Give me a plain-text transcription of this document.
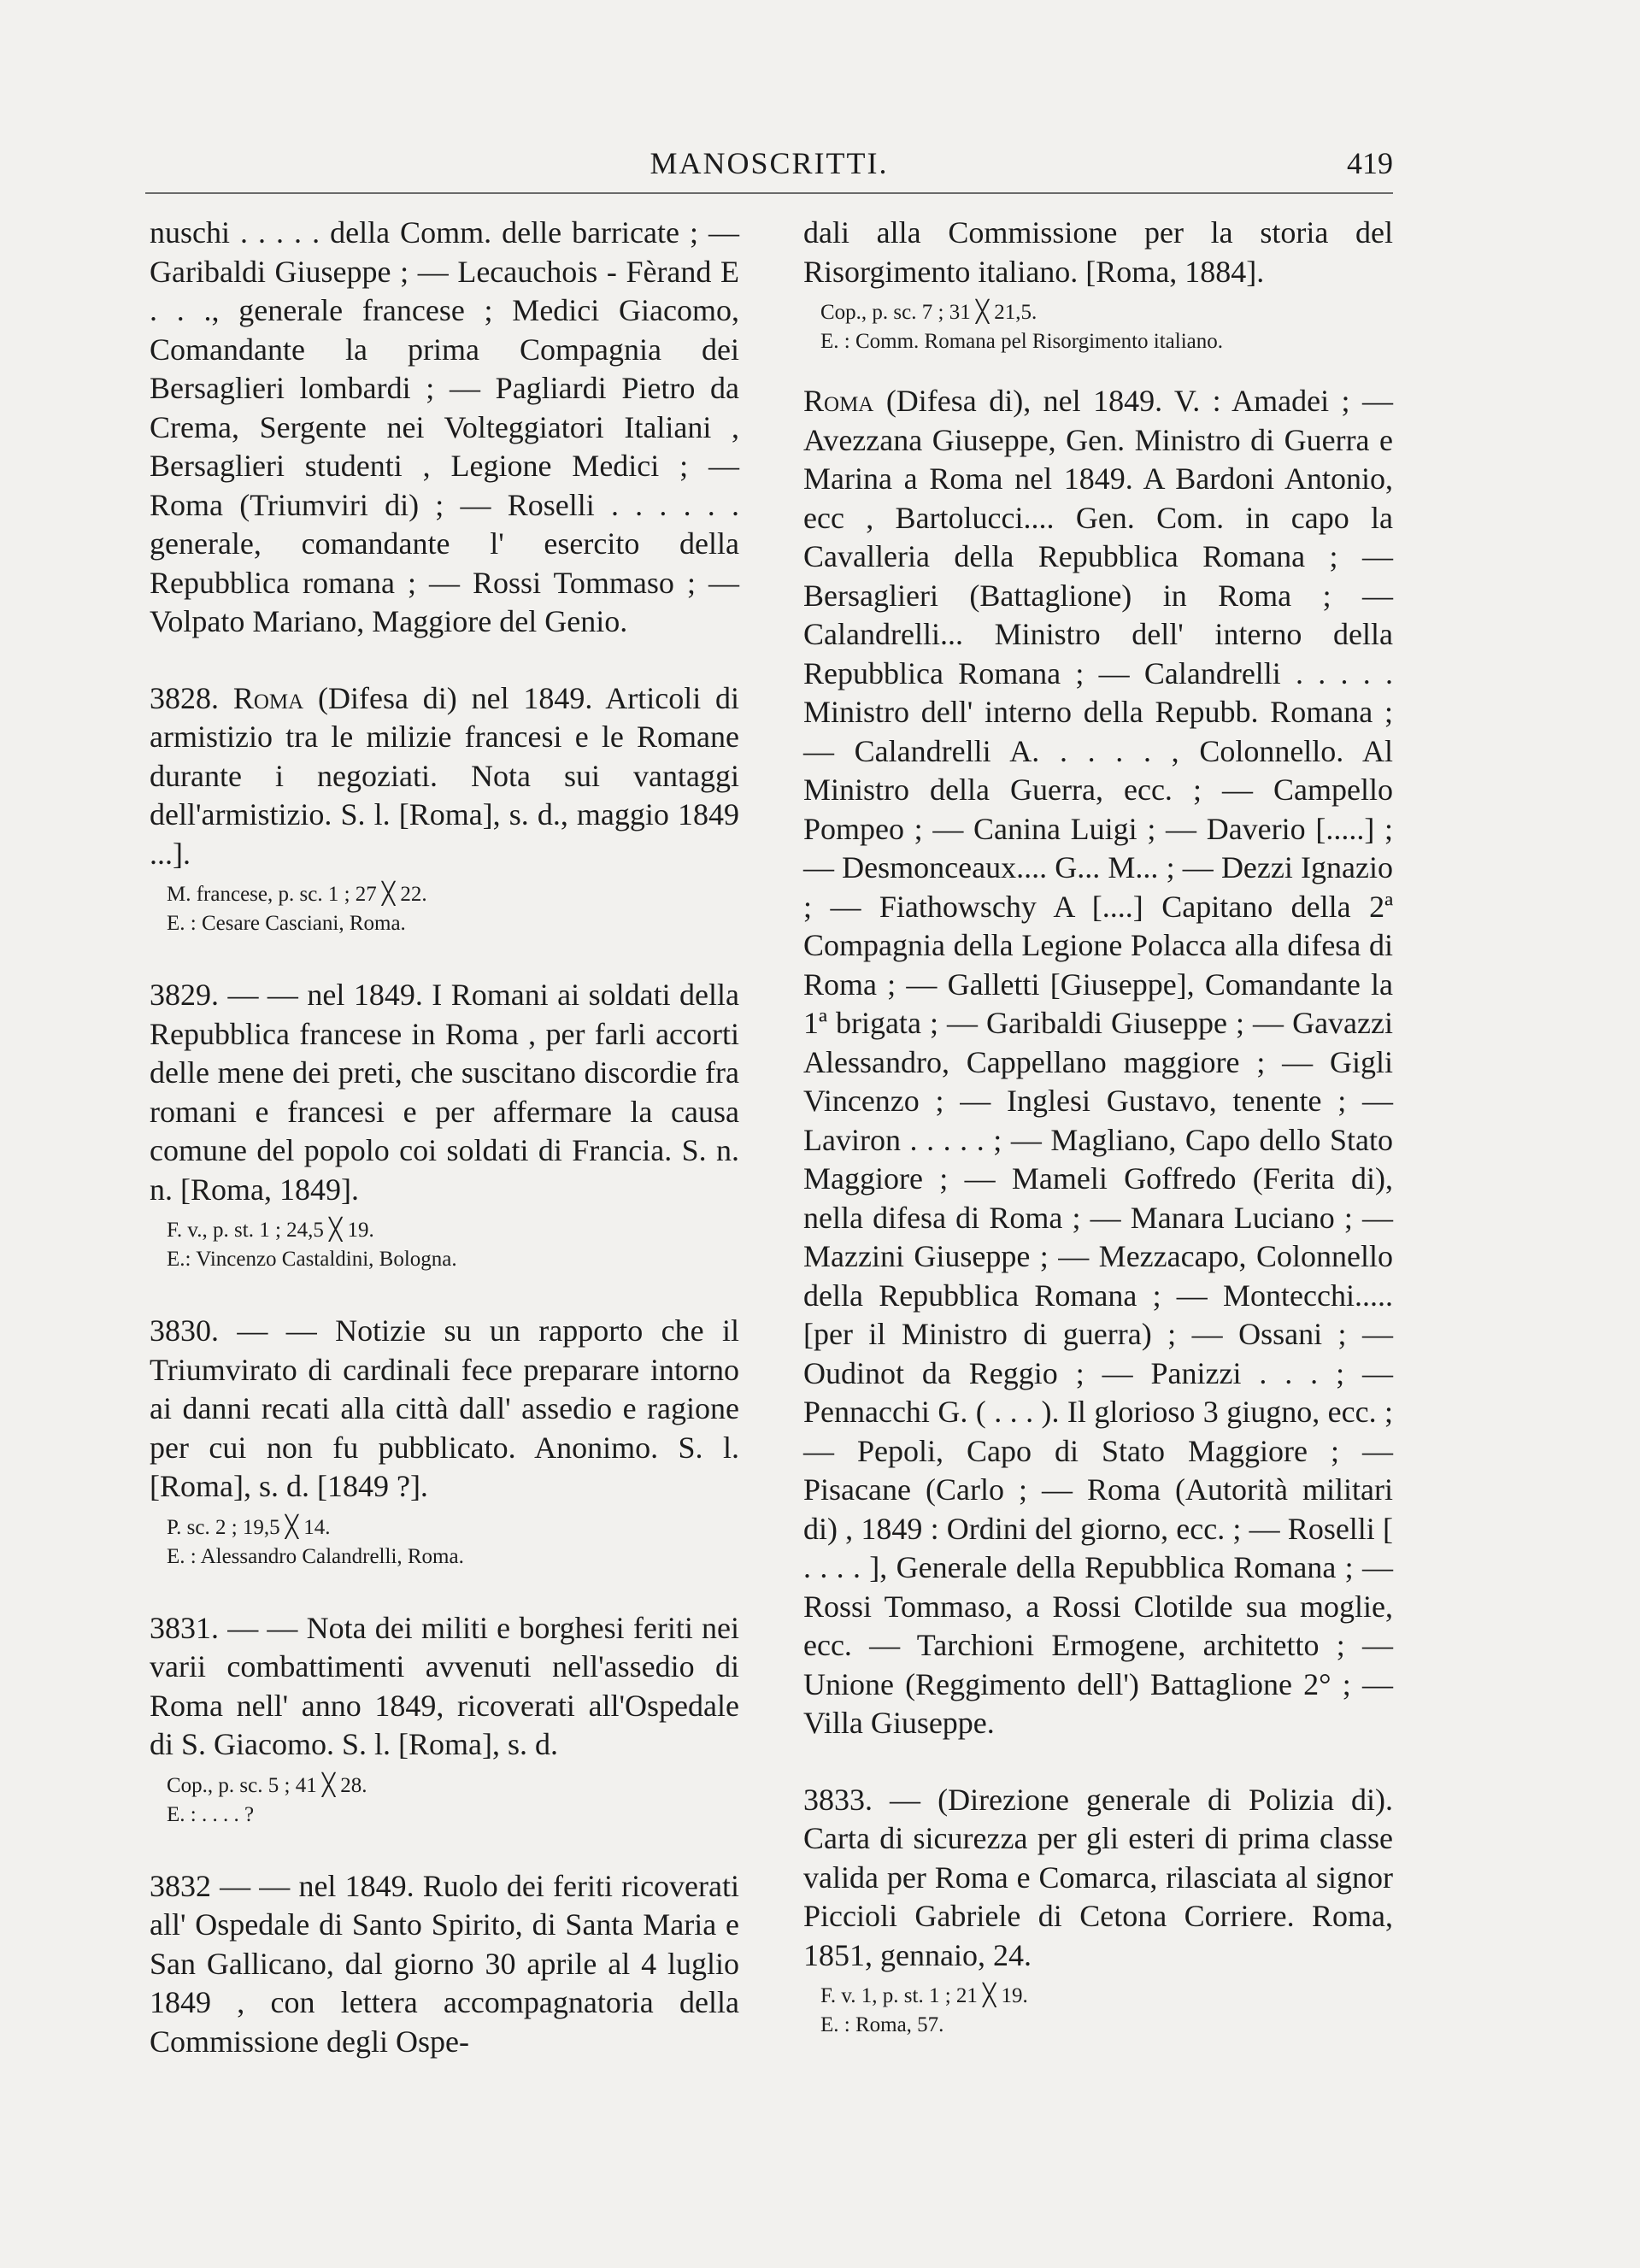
MANOSCRITTI.	419

nuschi . . . . . della Comm. delle barricate ; — Garibaldi Giuseppe ; — Lecauchois - Fèrand E . . ., generale francese ; Medici Giacomo, Comandante la prima Compagnia dei Bersaglieri lombardi ; — Pagliardi Pietro da Crema, Sergente nei Volteggiatori Italiani , Bersaglieri studenti , Legione Medici ; — Roma (Triumviri di) ; — Roselli . . . . . . generale, comandante l' esercito della Repubblica romana ; — Rossi Tommaso ; — Volpato Mariano, Maggiore del Genio.

3828. Roma (Difesa di) nel 1849. Articoli di armistizio tra le milizie francesi e le Romane durante i negoziati. Nota sui vantaggi dell'armistizio. S. l. [Roma], s. d., maggio 1849 ...].

M. francese, p. sc. 1 ; 27 ╳ 22.
E. : Cesare Casciani, Roma.

3829. — — nel 1849. I Romani ai soldati della Repubblica francese in Roma , per farli accorti delle mene dei preti, che suscitano discordie fra romani e francesi e per affermare la causa comune del popolo coi soldati di Francia. S. n. n. [Roma, 1849].

F. v., p. st. 1 ; 24,5 ╳ 19.
E.: Vincenzo Castaldini, Bologna.

3830. — — Notizie su un rapporto che il Triumvirato di cardinali fece preparare intorno ai danni recati alla città dall' assedio e ragione per cui non fu pubblicato. Anonimo. S. l. [Roma], s. d. [1849 ?].

P. sc. 2 ; 19,5 ╳ 14.
E. : Alessandro Calandrelli, Roma.

3831. — — Nota dei militi e borghesi feriti nei varii combattimenti avvenuti nell'assedio di Roma nell' anno 1849, ricoverati all'Ospedale di S. Giacomo. S. l. [Roma], s. d.

Cop., p. sc. 5 ; 41 ╳ 28.
E. : . . . . ?

3832 — — nel 1849. Ruolo dei feriti ricoverati all' Ospedale di Santo Spirito, di Santa Maria e San Gallicano, dal giorno 30 aprile al 4 luglio 1849 , con lettera accompagnatoria della Commissione degli Ospe-

dali alla Commissione per la storia del Risorgimento italiano. [Roma, 1884].

Cop., p. sc. 7 ; 31 ╳ 21,5.
E. : Comm. Romana pel Risorgimento italiano.

Roma (Difesa di), nel 1849. V. : Amadei ; — Avezzana Giuseppe, Gen. Ministro di Guerra e Marina a Roma nel 1849. A Bardoni Antonio, ecc , Bartolucci.... Gen. Com. in capo la Cavalleria della Repubblica Romana ; — Bersaglieri (Battaglione) in Roma ; — Calandrelli... Ministro dell' interno della Repubblica Romana ; — Calandrelli . . . . . Ministro dell' interno della Repubb. Romana ; — Calandrelli A. . . . . , Colonnello. Al Ministro della Guerra, ecc. ; — Campello Pompeo ; — Canina Luigi ; — Daverio [.....] ; — Desmonceaux.... G... M... ; — Dezzi Ignazio ; — Fiathowschy A [....] Capitano della 2ª Compagnia della Legione Polacca alla difesa di Roma ; — Galletti [Giuseppe], Comandante la 1ª brigata ; — Garibaldi Giuseppe ; — Gavazzi Alessandro, Cappellano maggiore ; — Gigli Vincenzo ; — Inglesi Gustavo, tenente ; — Laviron . . . . . ; — Magliano, Capo dello Stato Maggiore ; — Mameli Goffredo (Ferita di), nella difesa di Roma ; — Manara Luciano ; — Mazzini Giuseppe ; — Mezzacapo, Colonnello della Repubblica Romana ; — Montecchi..... [per il Ministro di guerra) ; — Ossani ; — Oudinot da Reggio ; — Panizzi . . . ; — Pennacchi G. ( . . . ). Il glorioso 3 giugno, ecc. ; — Pepoli, Capo di Stato Maggiore ; — Pisacane (Carlo ; — Roma (Autorità militari di) , 1849 : Ordini del giorno, ecc. ; — Roselli [ . . . . ], Generale della Repubblica Romana ; — Rossi Tommaso, a Rossi Clotilde sua moglie, ecc. — Tarchioni Ermogene, architetto ; — Unione (Reggimento dell') Battaglione 2° ; — Villa Giuseppe.

3833. — (Direzione generale di Polizia di). Carta di sicurezza per gli esteri di prima classe valida per Roma e Comarca, rilasciata al signor Piccioli Gabriele di Cetona Corriere. Roma, 1851, gennaio, 24.

F. v. 1, p. st. 1 ; 21 ╳ 19.
E. : Roma, 57.
